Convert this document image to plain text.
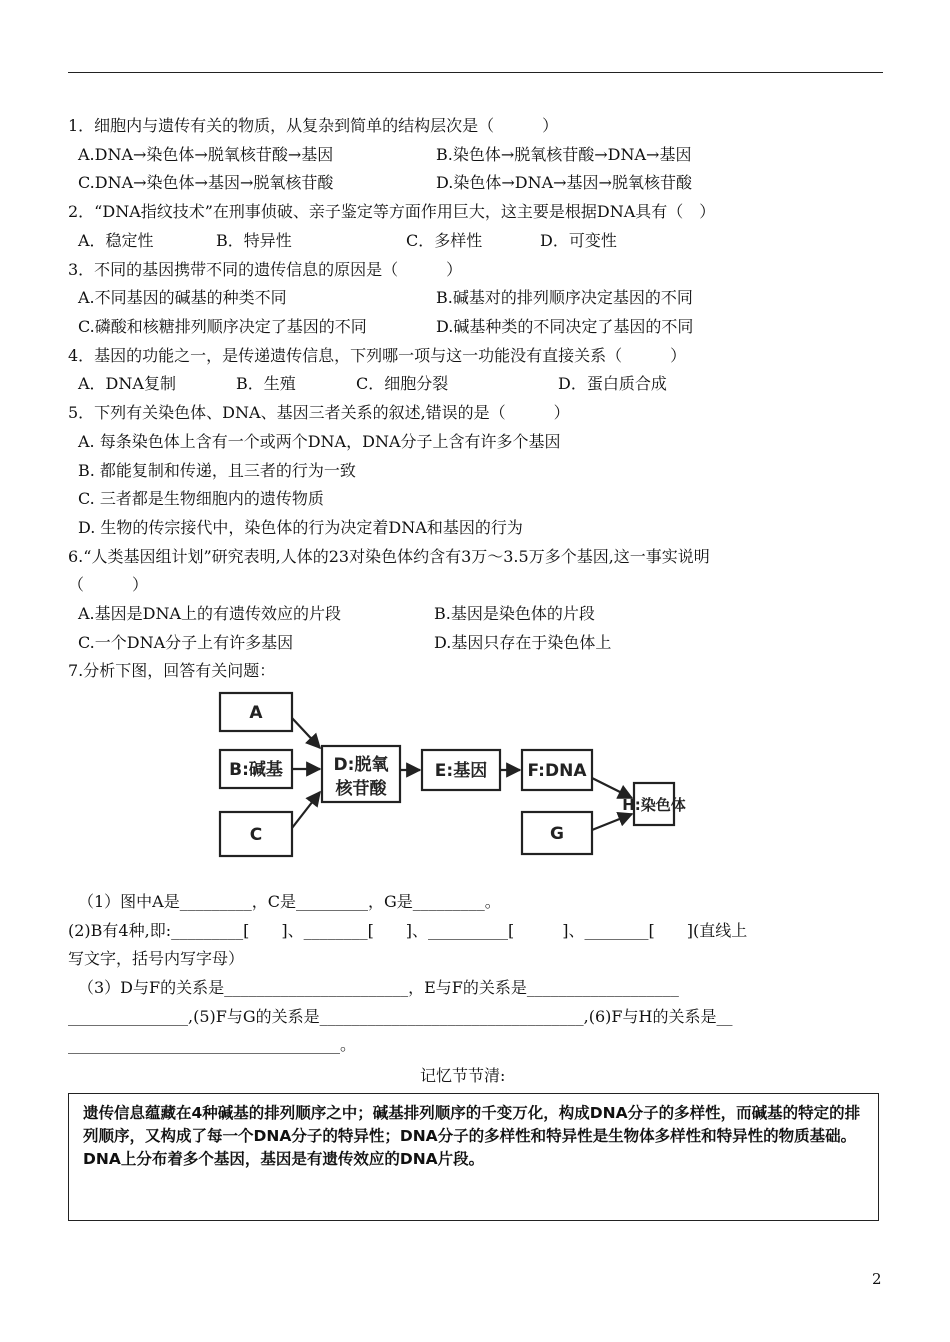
1．细胞内与遗传有关的物质，从复杂到简单的结构层次是（　　　）
A.DNA→染色体→脱氧核苷酸→基因	B.染色体→脱氧核苷酸→DNA→基因
C.DNA→染色体→基因→脱氧核苷酸	D.染色体→DNA→基因→脱氧核苷酸
2．“DNA指纹技术”在刑事侦破、亲子鉴定等方面作用巨大，这主要是根据DNA具有（　）
A．稳定性	B．特异性	C．多样性	D．可变性
3．不同的基因携带不同的遗传信息的原因是（　　　）
A.不同基因的碱基的种类不同	B.碱基对的排列顺序决定基因的不同
C.磷酸和核糖排列顺序决定了基因的不同	D.碱基种类的不同决定了基因的不同
4．基因的功能之一，是传递遗传信息，下列哪一项与这一功能没有直接关系（　　　）
A．DNA复制	B．生殖	C．细胞分裂	D．蛋白质合成
5．下列有关染色体、DNA、基因三者关系的叙述,错误的是（　　　）
A. 每条染色体上含有一个或两个DNA，DNA分子上含有许多个基因
B. 都能复制和传递，且三者的行为一致
C. 三者都是生物细胞内的遗传物质
D. 生物的传宗接代中，染色体的行为决定着DNA和基因的行为
6.“人类基因组计划”研究表明,人体的23对染色体约含有3万～3.5万多个基因,这一事实说明
（　　　）
A.基因是DNA上的有遗传效应的片段	B.基因是染色体的片段
C.一个DNA分子上有许多基因	D.基因只存在于染色体上
7.分析下图，回答有关问题：
A
B:碱基
C
D:脱氧
核苷酸
E:基因 F:DNA
G
H:染色体
（1）图中A是_________，C是_________，G是_________。
(2)B有4种,即:_________[　　]、________[　　]、__________[　　　]、________[　　](直线上
写文字，括号内写字母）
（3）D与F的关系是_______________________，E与F的关系是___________________
_______________,(5)F与G的关系是_________________________________,(6)F与H的关系是__
__________________________________。
记忆节节清:
遗传信息蕴藏在4种碱基的排列顺序之中；碱基排列顺序的千变万化，构成DNA分子的多样性，而碱基的特定的排列顺序，又构成了每一个DNA分子的特异性；DNA分子的多样性和特异性是生物体多样性和特异性的物质基础。DNA上分布着多个基因，基因是有遗传效应的DNA片段。
2
